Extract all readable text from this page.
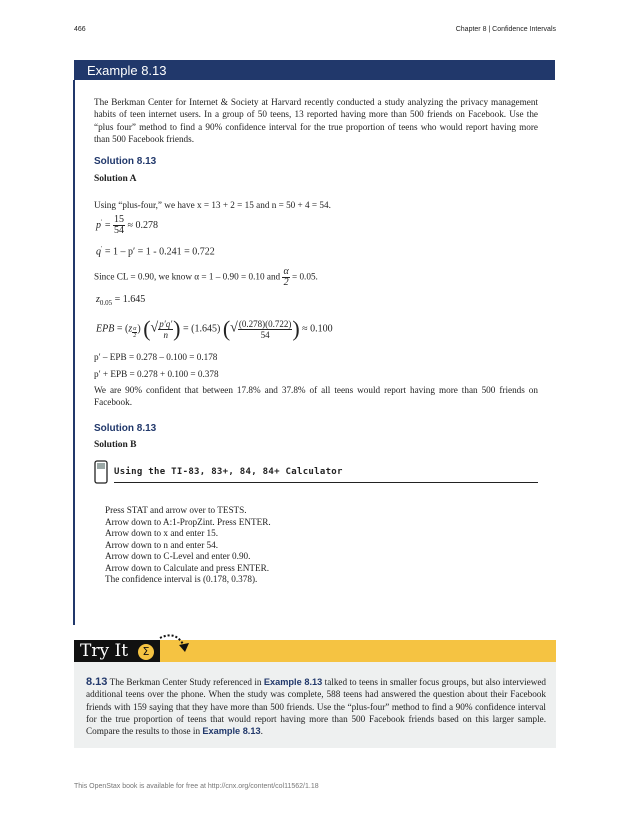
466	Chapter 8 | Confidence Intervals
Example 8.13
The Berkman Center for Internet & Society at Harvard recently conducted a study analyzing the privacy management habits of teen internet users. In a group of 50 teens, 13 reported having more than 500 friends on Facebook. Use the “plus four” method to find a 90% confidence interval for the true proportion of teens who would report having more than 500 Facebook friends.
Solution 8.13
Solution A
Using “plus-four,” we have x = 13 + 2 = 15 and n = 50 + 4 = 54.
$p' = \frac{15}{54} \approx 0.278$
q′ = 1 – p′ = 1 - 0.241 = 0.722
Since CL = 0.90, we know α = 1 – 0.90 = 0.10 and $\frac{\alpha}{2} = 0.05$.
$z_{0.05} = 1.645$
EPB = (z $_{\frac{\alpha}{2}}$ ) (√ $\frac{p'q'}{n}$ ) = (1.645) (√ $\frac{(0.278)(0.722)}{54}$ ) ≈ 0.100
p′ – EPB = 0.278 – 0.100 = 0.178
p′ + EPB = 0.278 + 0.100 = 0.378
We are 90% confident that between 17.8% and 37.8% of all teens would report having more than 500 friends on Facebook.
Solution 8.13
Solution B
Using the TI-83, 83+, 84, 84+ Calculator
Press STAT and arrow over to TESTS.
Arrow down to A:1-PropZint. Press ENTER.
Arrow down to x and enter 15.
Arrow down to n and enter 54.
Arrow down to C-Level and enter 0.90.
Arrow down to Calculate and press ENTER.
The confidence interval is (0.178, 0.378).
Try It	Σ
8.13 The Berkman Center Study referenced in Example 8.13 talked to teens in smaller focus groups, but also interviewed additional teens over the phone. When the study was complete, 588 teens had answered the question about their Facebook friends with 159 saying that they have more than 500 friends. Use the “plus-four” method to find a 90% confidence interval for the true proportion of teens that would report having more than 500 Facebook friends based on this larger sample. Compare the results to those in Example 8.13.
This OpenStax book is available for free at http://cnx.org/content/col11562/1.18
